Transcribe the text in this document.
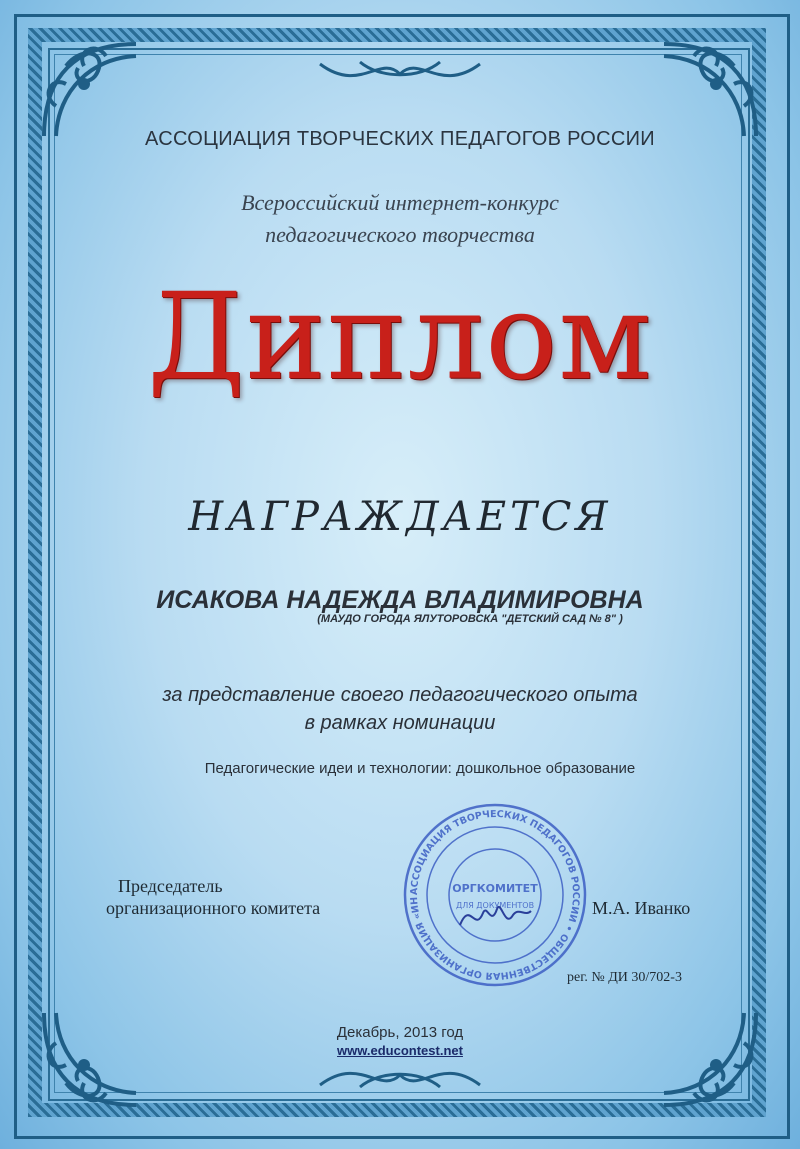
АССОЦИАЦИЯ ТВОРЧЕСКИХ ПЕДАГОГОВ РОССИИ
Всероссийский интернет-конкурс
педагогического творчества
Диплом
НАГРАЖДАЕТСЯ
ИСАКОВА НАДЕЖДА ВЛАДИМИРОВНА
(МАУДО ГОРОДА ЯЛУТОРОВСКА "ДЕТСКИЙ САД № 8" )
за представление своего педагогического опыта
в рамках номинации
Педагогические идеи и технологии: дошкольное образование
АССОЦИАЦИЯ ТВОРЧЕСКИХ ПЕДАГОГОВ РОССИИ • ОБЩЕСТВЕННАЯ ОРГАНИЗАЦИЯ «ИН
ОРГКОМИТЕТ
ДЛЯ ДОКУМЕНТОВ
Председатель
организационного комитета	М.А. Иванко
рег. № ДИ 30/702-3
Декабрь, 2013 год
www.educontest.net
